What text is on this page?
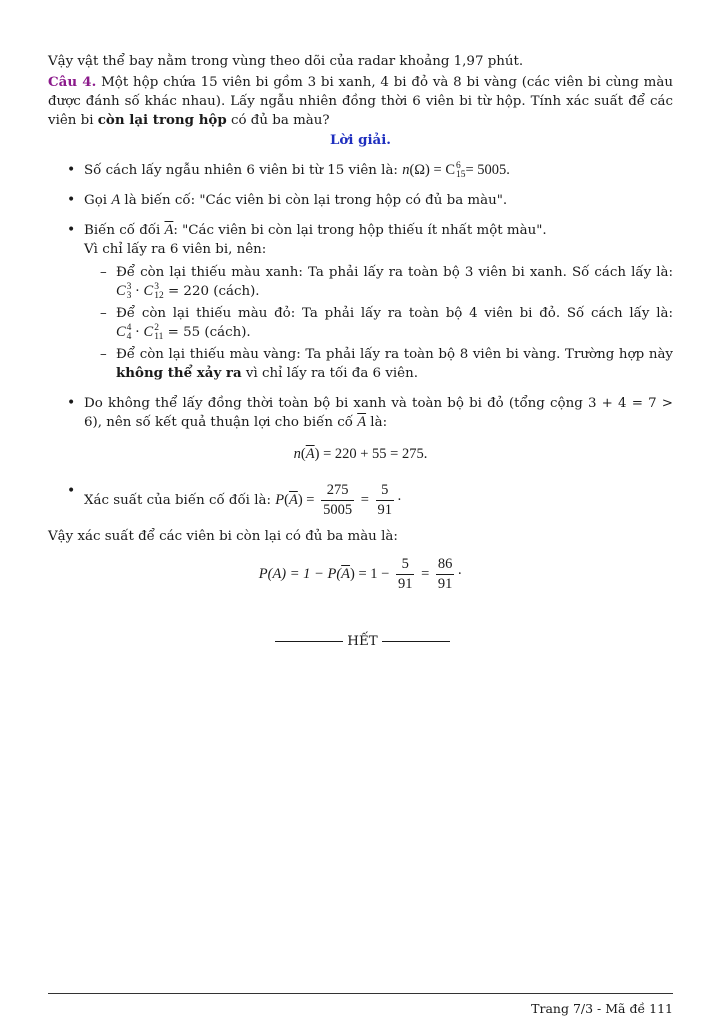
Vậy vật thể bay nằm trong vùng theo dõi của radar khoảng 1,97 phút.

Câu 4. Một hộp chứa 15 viên bi gồm 3 bi xanh, 4 bi đỏ và 8 bi vàng (các viên bi cùng màu được đánh số khác nhau). Lấy ngẫu nhiên đồng thời 6 viên bi từ hộp. Tính xác suất để các viên bi còn lại trong hộp có đủ ba màu?

Lời giải.

• Số cách lấy ngẫu nhiên 6 viên bi từ 15 viên là: n (Ω) = C 6
15 = 5005.
• Gọi A là biến cố: "Các viên bi còn lại trong hộp có đủ ba màu".
• Biến cố đối $\overline{A}$: "Các viên bi còn lại trong hộp thiếu ít nhất một màu".
Vì chỉ lấy ra 6 viên bi, nên:
– Để còn lại thiếu màu xanh: Ta phải lấy ra toàn bộ 3 viên bi xanh. Số cách lấy là:
C 3
3 · C 3
12 = 220 (cách).
– Để còn lại thiếu màu đỏ: Ta phải lấy ra toàn bộ 4 viên bi đỏ. Số cách lấy là:
C 4
4 · C 2
11 = 55 (cách).
– Để còn lại thiếu màu vàng: Ta phải lấy ra toàn bộ 8 viên bi vàng. Trường hợp này không thể xảy ra vì chỉ lấy ra tối đa 6 viên.
• Do không thể lấy đồng thời toàn bộ bi xanh và toàn bộ bi đỏ (tổng cộng 3 + 4 = 7 > 6), nên số kết quả thuận lợi cho biến cố $\overline{A}$ là:

$n(\overline{A}) = 220 + 55 = 275$.

• Xác suất của biến cố đối là: $P(\overline{A}) = \frac{275}{5005} = \frac{5}{91}$ ·

Vậy xác suất để các viên bi còn lại có đủ ba màu là:

$P(A) = 1 - P(\overline{A}) = 1 - \frac{5}{91} = \frac{86}{91}$ ·

HẾT
Trang 7/3 - Mã đề 111
